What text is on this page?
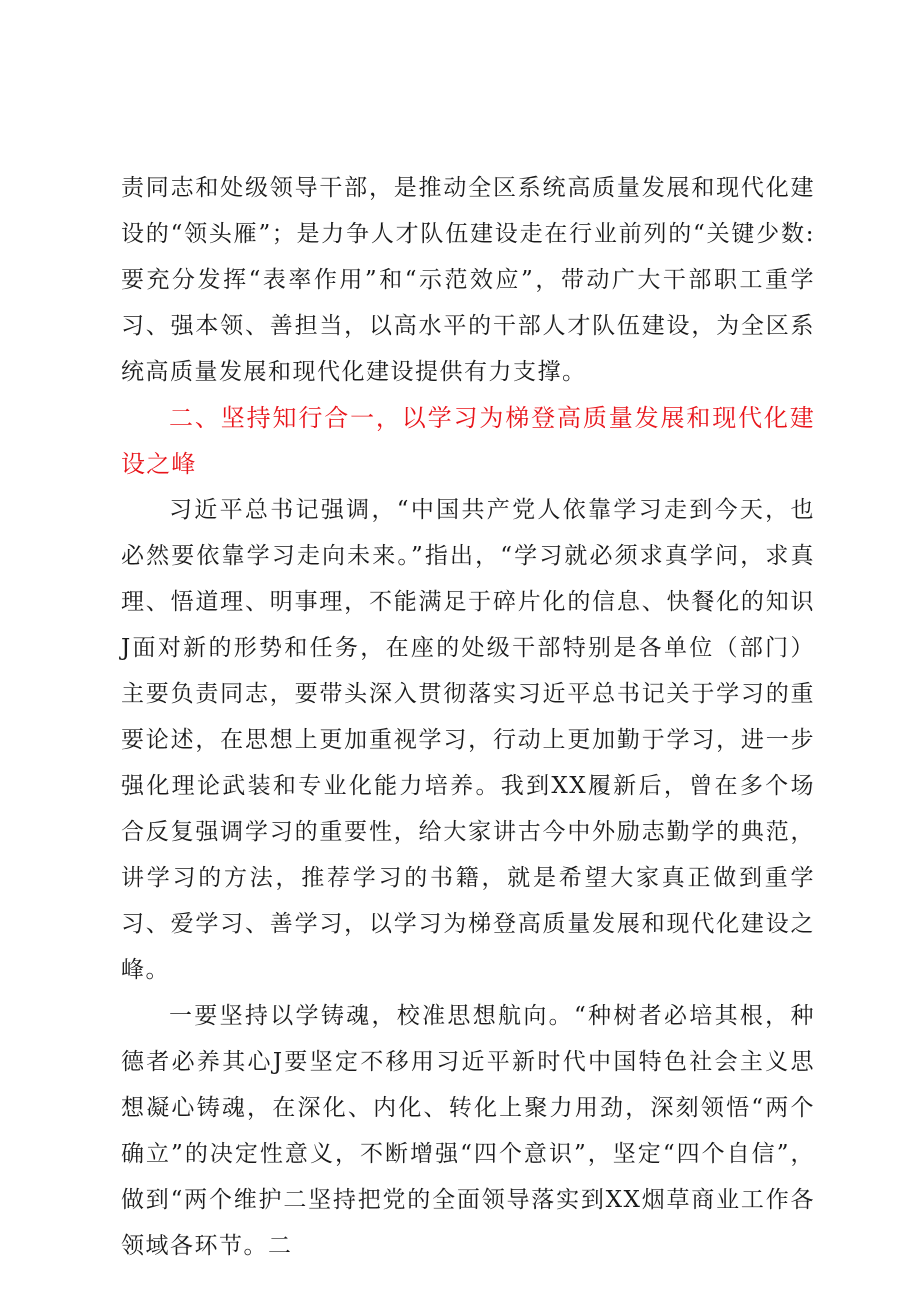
责同志和处级领导干部，是推动全区系统高质量发展和现代化建设的“领头雁”；是力争人才队伍建设走在行业前列的“关键少数:要充分发挥“表率作用”和“示范效应”，带动广大干部职工重学习、强本领、善担当，以高水平的干部人才队伍建设，为全区系统高质量发展和现代化建设提供有力支撑。

二、坚持知行合一，以学习为梯登高质量发展和现代化建设之峰

习近平总书记强调，“中国共产党人依靠学习走到今天，也必然要依靠学习走向未来。”指出，“学习就必须求真学问，求真理、悟道理、明事理，不能满足于碎片化的信息、快餐化的知识J面对新的形势和任务，在座的处级干部特别是各单位（部门）主要负责同志，要带头深入贯彻落实习近平总书记关于学习的重要论述，在思想上更加重视学习，行动上更加勤于学习，进一步强化理论武装和专业化能力培养。我到XX履新后，曾在多个场合反复强调学习的重要性，给大家讲古今中外励志勤学的典范，讲学习的方法，推荐学习的书籍，就是希望大家真正做到重学习、爱学习、善学习，以学习为梯登高质量发展和现代化建设之峰。

一要坚持以学铸魂，校准思想航向。“种树者必培其根，种德者必养其心J要坚定不移用习近平新时代中国特色社会主义思想凝心铸魂，在深化、内化、转化上聚力用劲，深刻领悟“两个确立”的决定性意义，不断增强“四个意识”，坚定“四个自信”，做到“两个维护二坚持把党的全面领导落实到XX烟草商业工作各领域各环节。二
